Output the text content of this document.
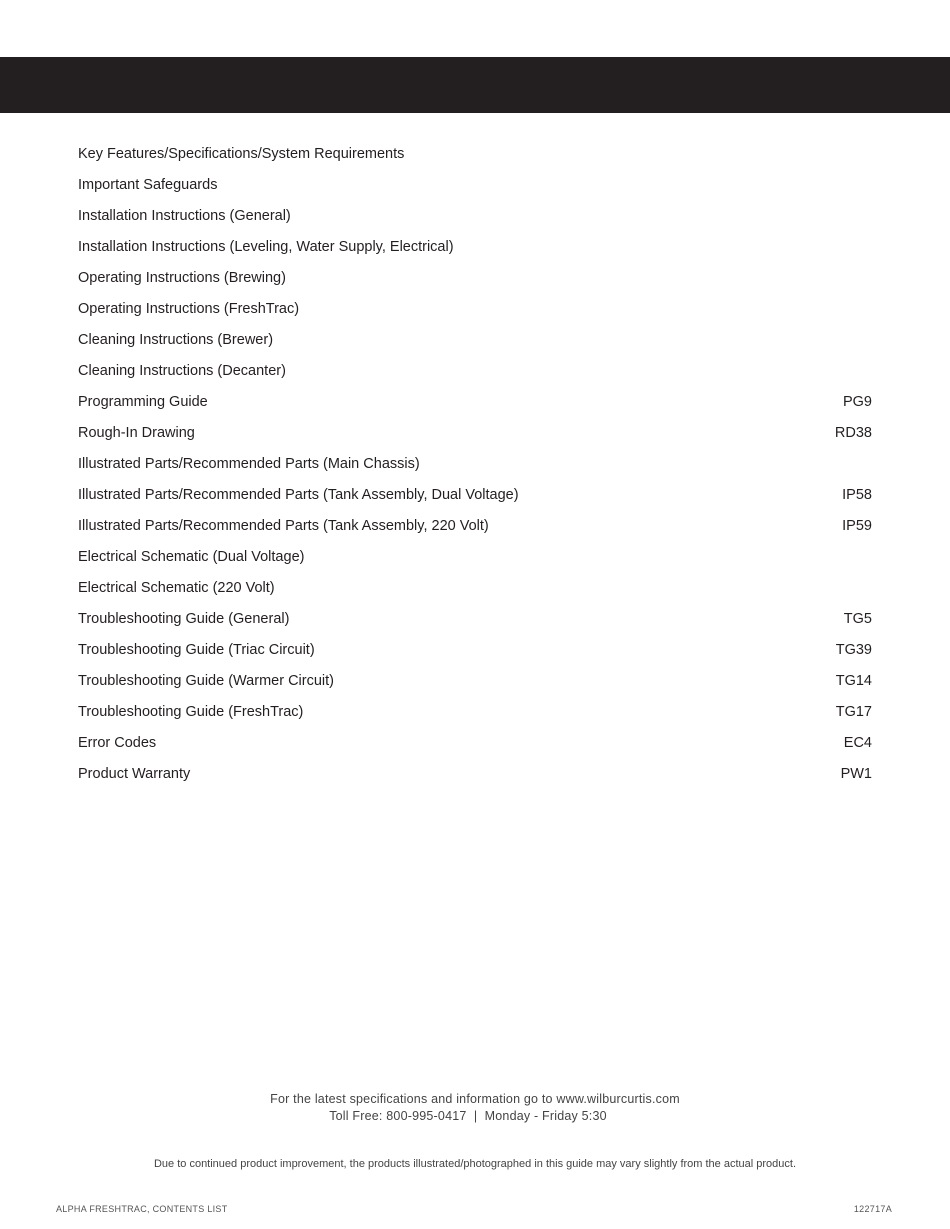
Key Features/Specifications/System Requirements
Important Safeguards
Installation Instructions (General)
Installation Instructions (Leveling, Water Supply, Electrical)
Operating Instructions (Brewing)
Operating Instructions (FreshTrac)
Cleaning Instructions (Brewer)
Cleaning Instructions (Decanter)
Programming Guide	PG9
Rough-In Drawing	RD38
Illustrated Parts/Recommended Parts (Main Chassis)
Illustrated Parts/Recommended Parts (Tank Assembly, Dual Voltage)	IP58
Illustrated Parts/Recommended Parts (Tank Assembly, 220 Volt)	IP59
Electrical Schematic (Dual Voltage)
Electrical Schematic (220 Volt)
Troubleshooting Guide (General)	TG5
Troubleshooting Guide (Triac Circuit)	TG39
Troubleshooting Guide (Warmer Circuit)	TG14
Troubleshooting Guide (FreshTrac)	TG17
Error Codes	EC4
Product Warranty	PW1
For the latest specifications and information go to www.wilburcurtis.com
Toll Free: 800-995-0417  |  Monday - Friday 5:30
Due to continued product improvement, the products illustrated/photographed in this guide may vary slightly from the actual product.
ALPHA FRESHTRAC, CONTENTS LIST	122717A
